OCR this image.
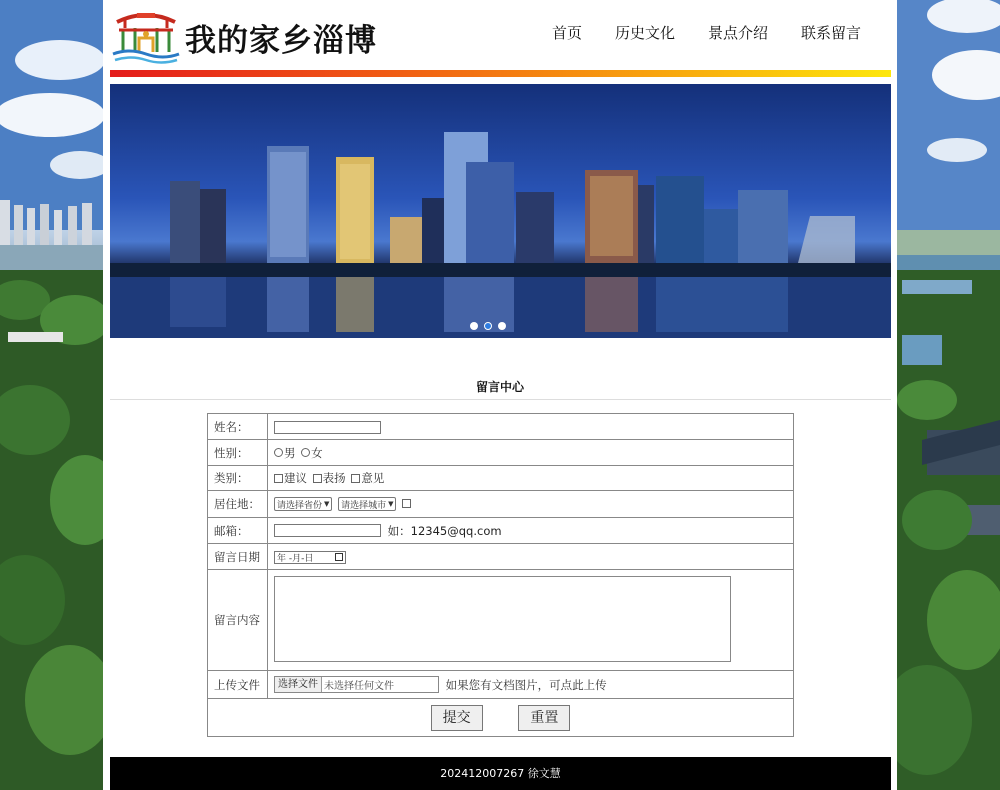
我的家乡淄博	首页 历史文化 景点介绍 联系留言
留言中心
姓名：	
性别：	男
女

类别：	建议
表扬
意见

居住地：	请选择省份 ▼
请选择城市 ▼

邮箱：	如：12345@qq.com
留言日期	年 -月-日

留言内容	

上传文件	选择文件 未选择任何文件 如果您有文档图片，可点此上传
提交 重置	
202412007267 徐文慧
